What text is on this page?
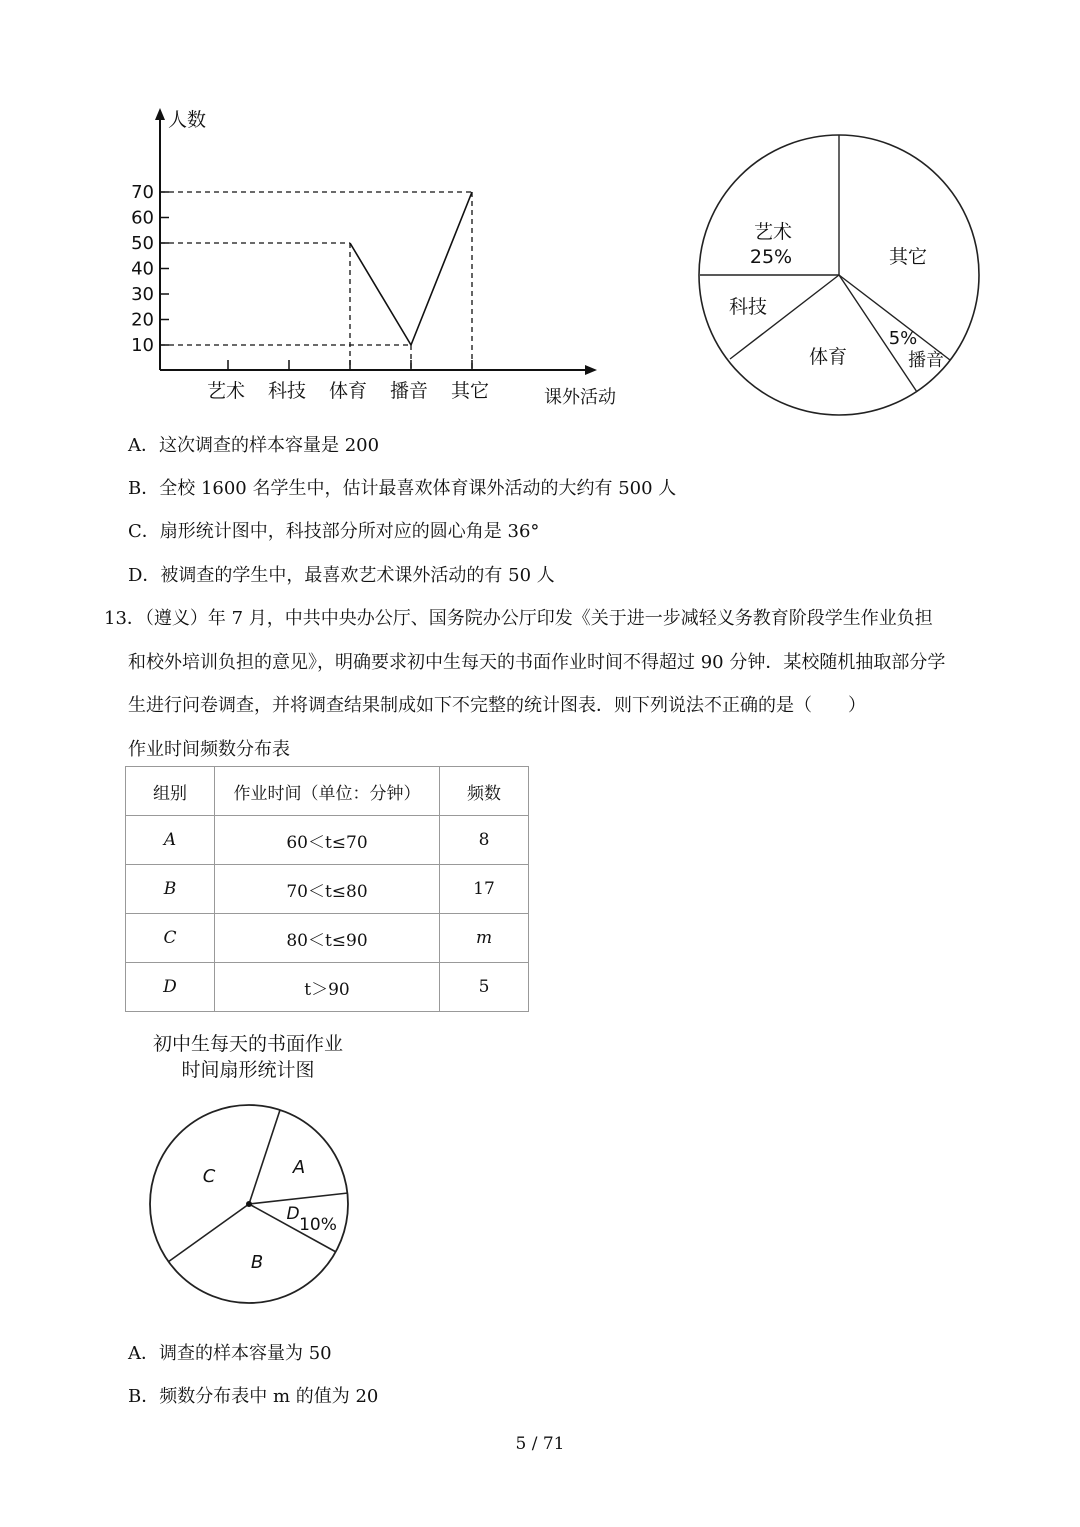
人数
课外活动
10
20
30
40
50
60
70
艺术 科技 体育 播音 其它
艺术
25%	其它
科技
体育
5%
播音
A．这次调查的样本容量是 200
B．全校 1600 名学生中，估计最喜欢体育课外活动的大约有 500 人
C．扇形统计图中，科技部分所对应的圆心角是 36°
D．被调查的学生中，最喜欢艺术课外活动的有 50 人
13．（遵义）年 7 月，中共中央办公厅、国务院办公厅印发《关于进一步减轻义务教育阶段学生作业负担
和校外培训负担的意见》，明确要求初中生每天的书面作业时间不得超过 90 分钟．某校随机抽取部分学
生进行问卷调查，并将调查结果制成如下不完整的统计图表．则下列说法不正确的是（　　）
作业时间频数分布表
组别	作业时间（单位：分钟）	频数
A	60＜t≤70	8
B	70＜t≤80	17
C	80＜t≤90	m
D	t＞90	5
初中生每天的书面作业
时间扇形统计图
A
C
D
10%
B
A．调查的样本容量为 50
B．频数分布表中 m 的值为 20
5 / 71
